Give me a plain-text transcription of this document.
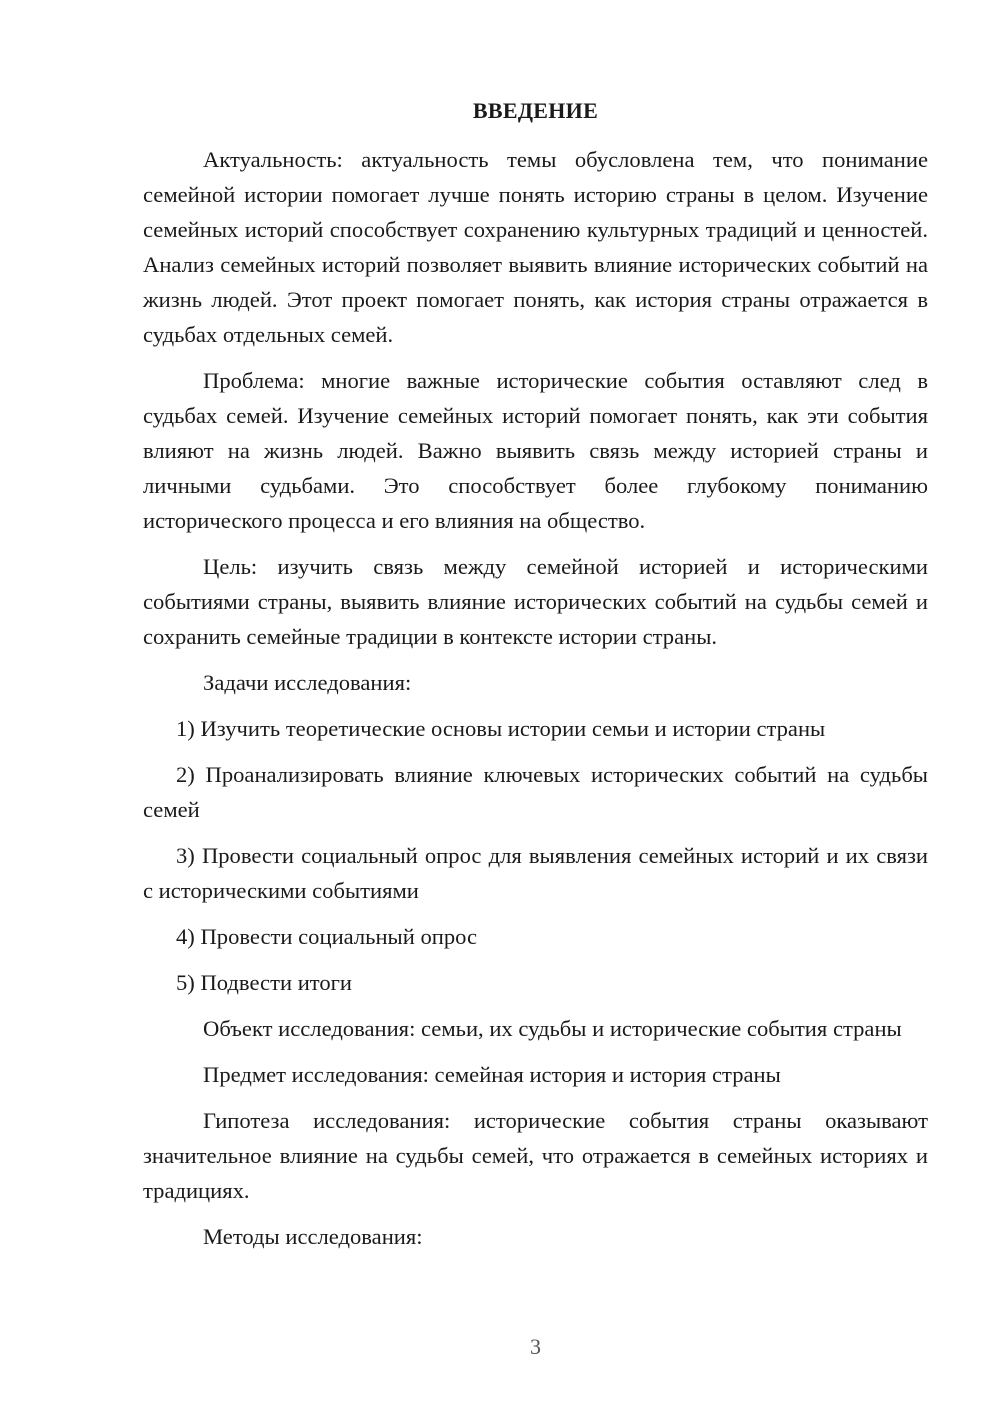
ВВЕДЕНИЕ

Актуальность: актуальность темы обусловлена тем, что понимание семейной истории помогает лучше понять историю страны в целом. Изучение семейных историй способствует сохранению культурных традиций и ценностей. Анализ семейных историй позволяет выявить влияние исторических событий на жизнь людей. Этот проект помогает понять, как история страны отражается в судьбах отдельных семей.

Проблема: многие важные исторические события оставляют след в судьбах семей. Изучение семейных историй помогает понять, как эти события влияют на жизнь людей. Важно выявить связь между историей страны и личными судьбами. Это способствует более глубокому пониманию исторического процесса и его влияния на общество.

Цель: изучить связь между семейной историей и историческими событиями страны, выявить влияние исторических событий на судьбы семей и сохранить семейные традиции в контексте истории страны.

Задачи исследования:

1) Изучить теоретические основы истории семьи и истории страны

2) Проанализировать влияние ключевых исторических событий на судьбы семей

3) Провести социальный опрос для выявления семейных историй и их связи с историческими событиями

4) Провести социальный опрос

5) Подвести итоги

Объект исследования: семьи, их судьбы и исторические события страны

Предмет исследования: семейная история и история страны

Гипотеза исследования: исторические события страны оказывают значительное влияние на судьбы семей, что отражается в семейных историях и традициях.

Методы исследования:

3
